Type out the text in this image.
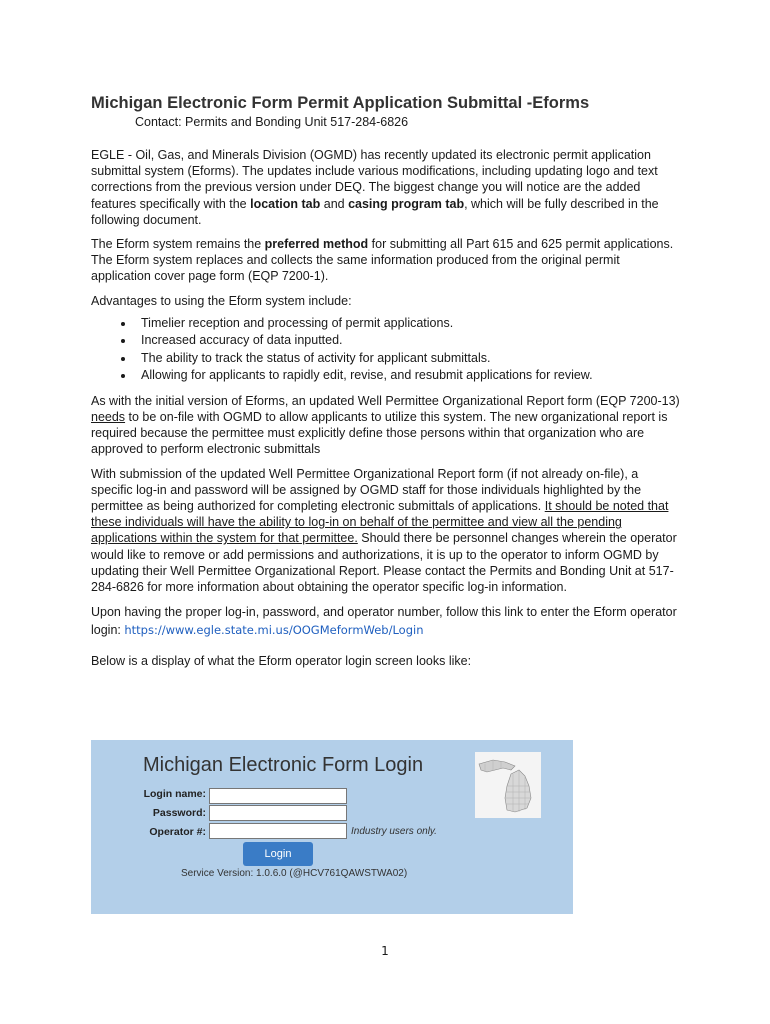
Michigan Electronic Form Permit Application Submittal -Eforms

Contact: Permits and Bonding Unit 517-284-6826

EGLE - Oil, Gas, and Minerals Division (OGMD) has recently updated its electronic permit application submittal system (Eforms). The updates include various modifications, including updating logo and text corrections from the previous version under DEQ. The biggest change you will notice are the added features specifically with the location tab and casing program tab, which will be fully described in the following document.

The Eform system remains the preferred method for submitting all Part 615 and 625 permit applications. The Eform system replaces and collects the same information produced from the original permit application cover page form (EQP 7200-1).

Advantages to using the Eform system include:

• Timelier reception and processing of permit applications.
• Increased accuracy of data inputted.
• The ability to track the status of activity for applicant submittals.
• Allowing for applicants to rapidly edit, revise, and resubmit applications for review.

As with the initial version of Eforms, an updated Well Permittee Organizational Report form (EQP 7200-13) needs to be on-file with OGMD to allow applicants to utilize this system. The new organizational report is required because the permittee must explicitly define those persons within that organization who are approved to perform electronic submittals

With submission of the updated Well Permittee Organizational Report form (if not already on-file), a specific log-in and password will be assigned by OGMD staff for those individuals highlighted by the permittee as being authorized for completing electronic submittals of applications. It should be noted that these individuals will have the ability to log-in on behalf of the permittee and view all the pending applications within the system for that permittee. Should there be personnel changes wherein the operator would like to remove or add permissions and authorizations, it is up to the operator to inform OGMD by updating their Well Permittee Organizational Report. Please contact the Permits and Bonding Unit at 517-284-6826 for more information about obtaining the operator specific log-in information.

Upon having the proper log-in, password, and operator number, follow this link to enter the Eform operator login: https://www.egle.state.mi.us/OOGMeformWeb/Login

Below is a display of what the Eform operator login screen looks like:

Michigan Electronic Form Login
Login name:
Password:
Operator #:	Industry users only.
Login
Service Version: 1.0.6.0 (@HCV761QAWSTWA02)
1
